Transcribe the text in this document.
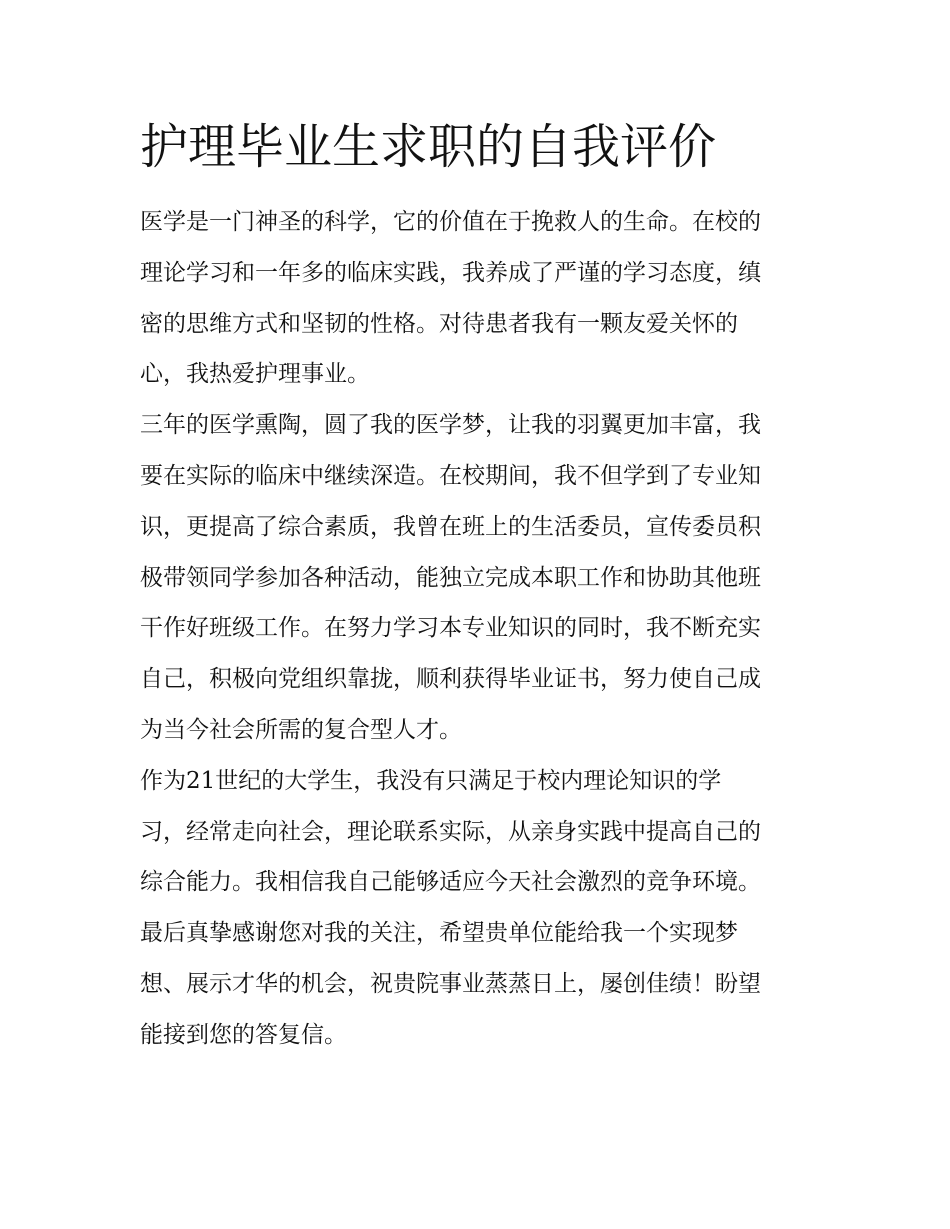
护理毕业生求职的自我评价
医学是一门神圣的科学，它的价值在于挽救人的生命。在校的
理论学习和一年多的临床实践，我养成了严谨的学习态度，缜
密的思维方式和坚韧的性格。对待患者我有一颗友爱关怀的
心，我热爱护理事业。
三年的医学熏陶，圆了我的医学梦，让我的羽翼更加丰富，我
要在实际的临床中继续深造。在校期间，我不但学到了专业知
识，更提高了综合素质，我曾在班上的生活委员，宣传委员积
极带领同学参加各种活动，能独立完成本职工作和协助其他班
干作好班级工作。在努力学习本专业知识的同时，我不断充实
自己，积极向党组织靠拢，顺利获得毕业证书，努力使自己成
为当今社会所需的复合型人才。
作为21世纪的大学生，我没有只满足于校内理论知识的学
习，经常走向社会，理论联系实际，从亲身实践中提高自己的
综合能力。我相信我自己能够适应今天社会激烈的竞争环境。
最后真挚感谢您对我的关注，希望贵单位能给我一个实现梦
想、展示才华的机会，祝贵院事业蒸蒸日上，屡创佳绩！盼望
能接到您的答复信。
